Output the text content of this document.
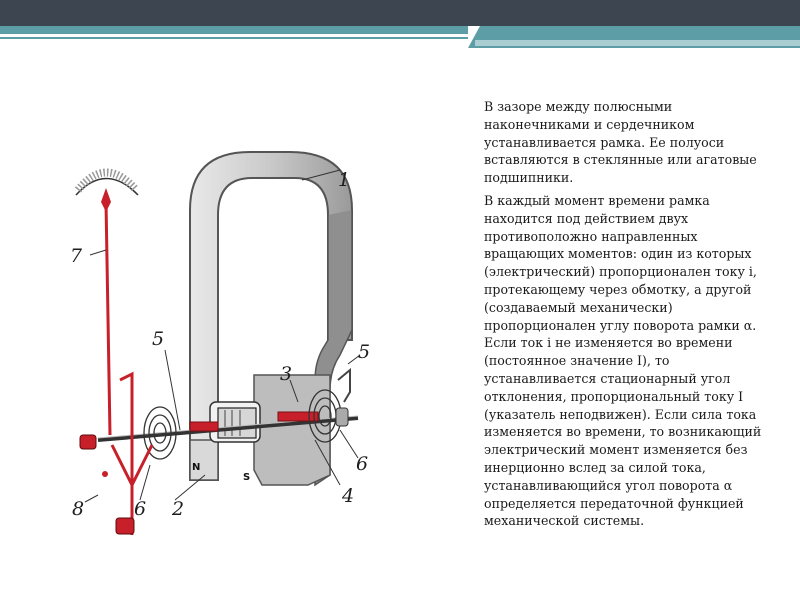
1
2
3
4
5
5
6
6
7
8
N
S

В зазоре между полюсными наконечниками и сердечником устанавливается рамка. Ее полуоси вставляются в стеклянные или агатовые подшипники.

В каждый момент времени рамка находится под действием двух противоположно направленных вращающих моментов: один из которых (электрический) пропорционален току i, протекающему через обмотку, а другой (создаваемый механически) пропорционален углу поворота рамки α. Если ток i не изменяется во времени (постоянное значение I), то устанавливается стационарный угол отклонения, пропорциональный току I (указатель неподвижен). Если сила тока изменяется во времени, то возникающий электрический момент изменяется без инерционно вслед за силой тока, устанавливающийся угол поворота α определяется передаточной функцией механической системы.
